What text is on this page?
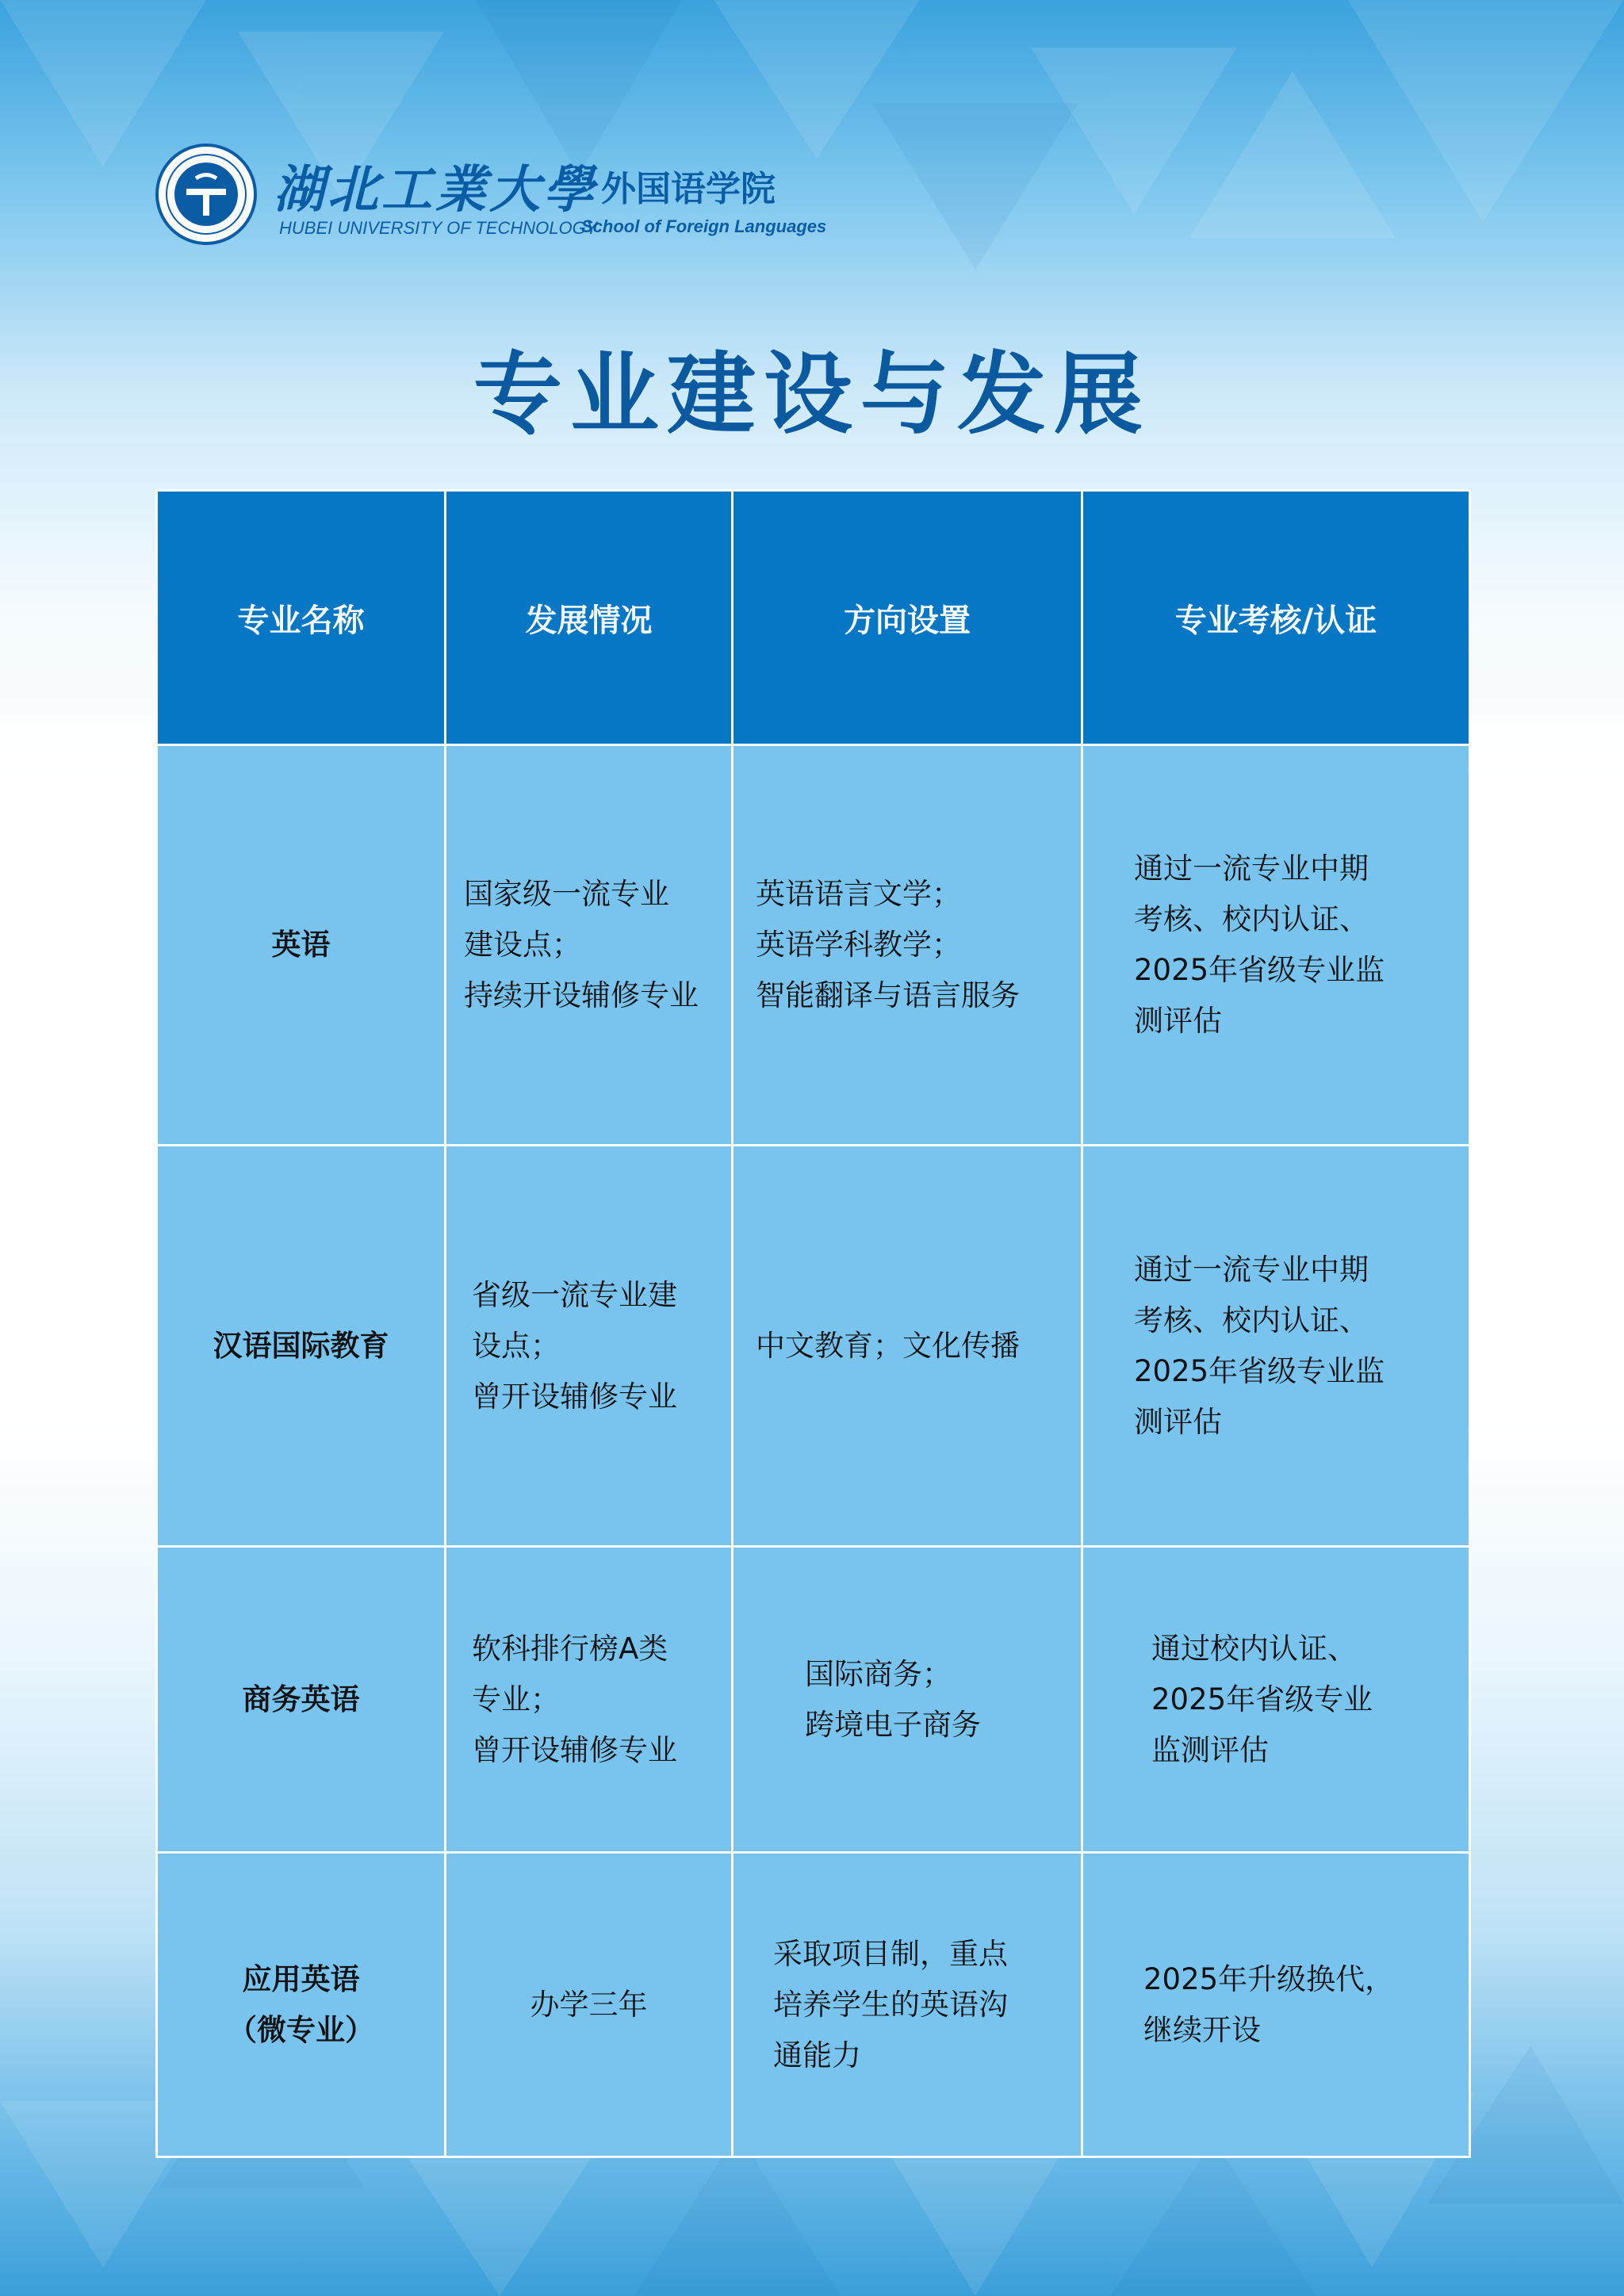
湖北工業大學
HUBEI UNIVERSITY OF TECHNOLOGY
外国语学院
School of Foreign Languages
专业建设与发展
专业名称	发展情况	方向设置	专业考核/认证

英语	国家级一流专业
建设点；
持续开设辅修专业	英语语言文学；
英语学科教学；
智能翻译与语言服务	通过一流专业中期
考核、校内认证、
2025年省级专业监
测评估

汉语国际教育	省级一流专业建
设点；
曾开设辅修专业	中文教育；文化传播	通过一流专业中期
考核、校内认证、
2025年省级专业监
测评估

商务英语	软科排行榜A类
专业；
曾开设辅修专业	国际商务；
跨境电子商务	通过校内认证、
2025年省级专业
监测评估

应用英语
（微专业）	办学三年	采取项目制，重点
培养学生的英语沟
通能力	2025年升级换代，
继续开设
